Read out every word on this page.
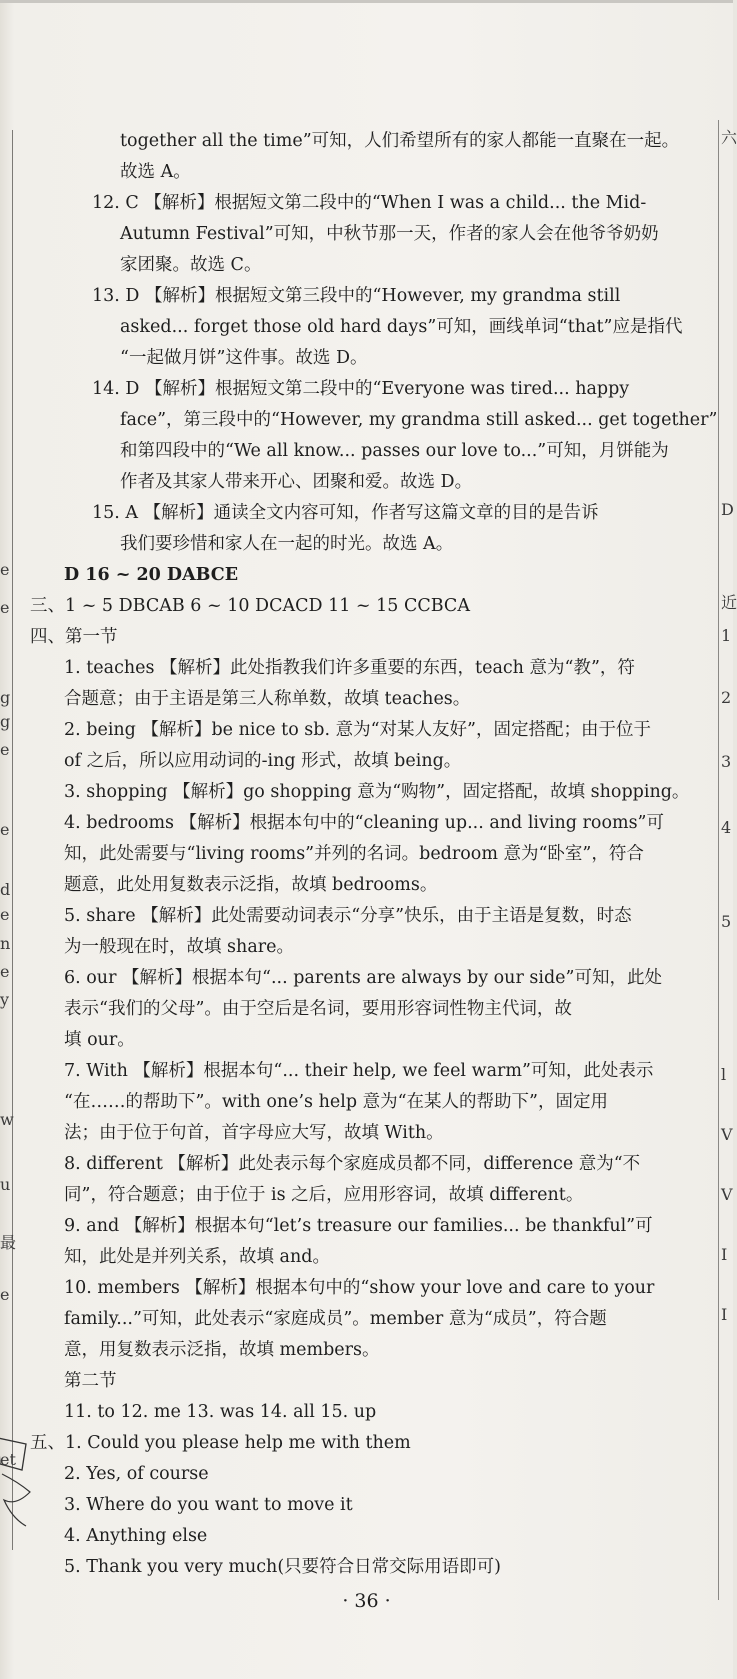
e
e
g
g
e
e
d
e
n
e
y
w
u
最
e
et
六
D
近
1
2
3
4
5
l
V
V
I
I
together all the time”可知，人们希望所有的家人都能一直聚在一起。
故选 A。
12. C 【解析】根据短文第二段中的“When I was a child... the Mid-
Autumn Festival”可知，中秋节那一天，作者的家人会在他爷爷奶奶
家团聚。故选 C。
13. D 【解析】根据短文第三段中的“However, my grandma still
asked... forget those old hard days”可知，画线单词“that”应是指代
“一起做月饼”这件事。故选 D。
14. D 【解析】根据短文第二段中的“Everyone was tired... happy
face”，第三段中的“However, my grandma still asked... get together”
和第四段中的“We all know... passes our love to...”可知，月饼能为
作者及其家人带来开心、团聚和爱。故选 D。
15. A 【解析】通读全文内容可知，作者写这篇文章的目的是告诉
我们要珍惜和家人在一起的时光。故选 A。
D 16 ~ 20 DABCE
三、1 ~ 5 DBCAB 6 ~ 10 DCACD 11 ~ 15 CCBCA
四、第一节
1. teaches 【解析】此处指教我们许多重要的东西，teach 意为“教”，符
合题意；由于主语是第三人称单数，故填 teaches。
2. being 【解析】be nice to sb. 意为“对某人友好”，固定搭配；由于位于
of 之后，所以应用动词的-ing 形式，故填 being。
3. shopping 【解析】go shopping 意为“购物”，固定搭配，故填 shopping。
4. bedrooms 【解析】根据本句中的“cleaning up... and living rooms”可
知，此处需要与“living rooms”并列的名词。bedroom 意为“卧室”，符合
题意，此处用复数表示泛指，故填 bedrooms。
5. share 【解析】此处需要动词表示“分享”快乐，由于主语是复数，时态
为一般现在时，故填 share。
6. our 【解析】根据本句“... parents are always by our side”可知，此处
表示“我们的父母”。由于空后是名词，要用形容词性物主代词，故
填 our。
7. With 【解析】根据本句“... their help, we feel warm”可知，此处表示
“在……的帮助下”。with one’s help 意为“在某人的帮助下”，固定用
法；由于位于句首，首字母应大写，故填 With。
8. different 【解析】此处表示每个家庭成员都不同，difference 意为“不
同”，符合题意；由于位于 is 之后，应用形容词，故填 different。
9. and 【解析】根据本句“let’s treasure our families... be thankful”可
知，此处是并列关系，故填 and。
10. members 【解析】根据本句中的“show your love and care to your
family...”可知，此处表示“家庭成员”。member 意为“成员”，符合题
意，用复数表示泛指，故填 members。
第二节
11. to 12. me 13. was 14. all 15. up
五、1. Could you please help me with them
2. Yes, of course
3. Where do you want to move it
4. Anything else
5. Thank you very much(只要符合日常交际用语即可)
· 36 ·
